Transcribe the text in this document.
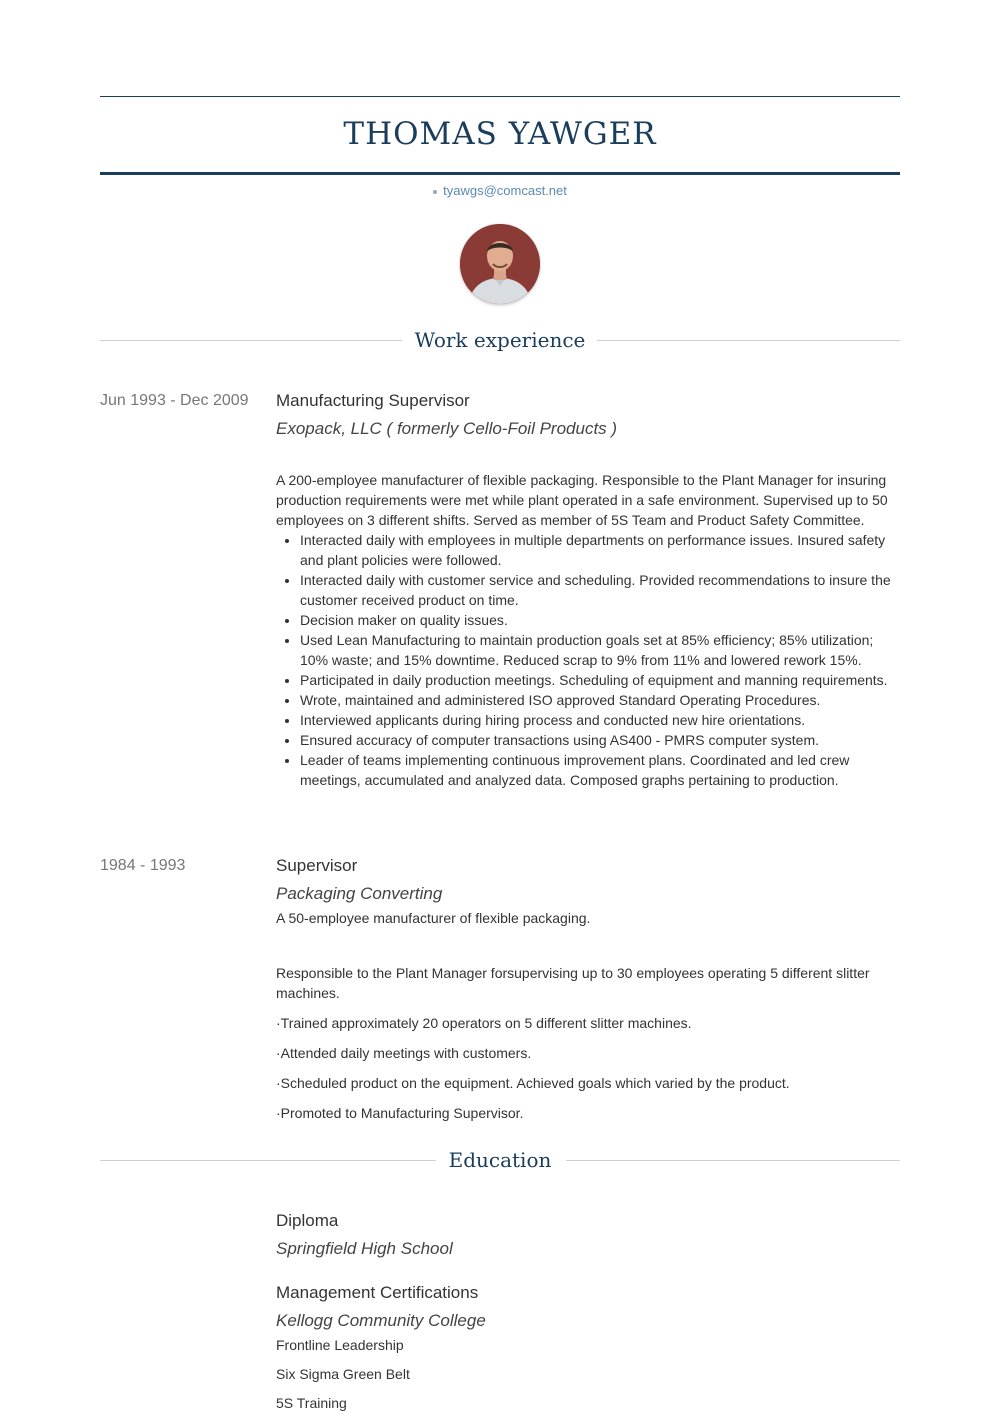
THOMAS YAWGER
tyawgs@comcast.net
Work experience
Jun 1993 - Dec 2009 Manufacturing Supervisor
Exopack, LLC ( formerly Cello-Foil Products )

A 200-employee manufacturer of flexible packaging. Responsible to the Plant Manager for insuring production requirements were met while plant operated in a safe environment. Supervised up to 50 employees on 3 different shifts. Served as member of 5S Team and Product Safety Committee.

• Interacted daily with employees in multiple departments on performance issues. Insured safety and plant policies were followed.
• Interacted daily with customer service and scheduling. Provided recommendations to insure the customer received product on time.
• Decision maker on quality issues.
• Used Lean Manufacturing to maintain production goals set at 85% efficiency; 85% utilization; 10% waste; and 15% downtime. Reduced scrap to 9% from 11% and lowered rework 15%.
• Participated in daily production meetings. Scheduling of equipment and manning requirements.
• Wrote, maintained and administered ISO approved Standard Operating Procedures.
• Interviewed applicants during hiring process and conducted new hire orientations.
• Ensured accuracy of computer transactions using AS400 - PMRS computer system.
• Leader of teams implementing continuous improvement plans. Coordinated and led crew meetings, accumulated and analyzed data. Composed graphs pertaining to production.
1984 - 1993	Supervisor
Packaging Converting

A 50-employee manufacturer of flexible packaging.

Responsible to the Plant Manager forsupervising up to 30 employees operating 5 different slitter machines.

·Trained approximately 20 operators on 5 different slitter machines.

·Attended daily meetings with customers.

·Scheduled product on the equipment. Achieved goals which varied by the product.

·Promoted to Manufacturing Supervisor.

Education
Diploma
Springfield High School
Management Certifications
Kellogg Community College
Frontline Leadership
Six Sigma Green Belt
5S Training
